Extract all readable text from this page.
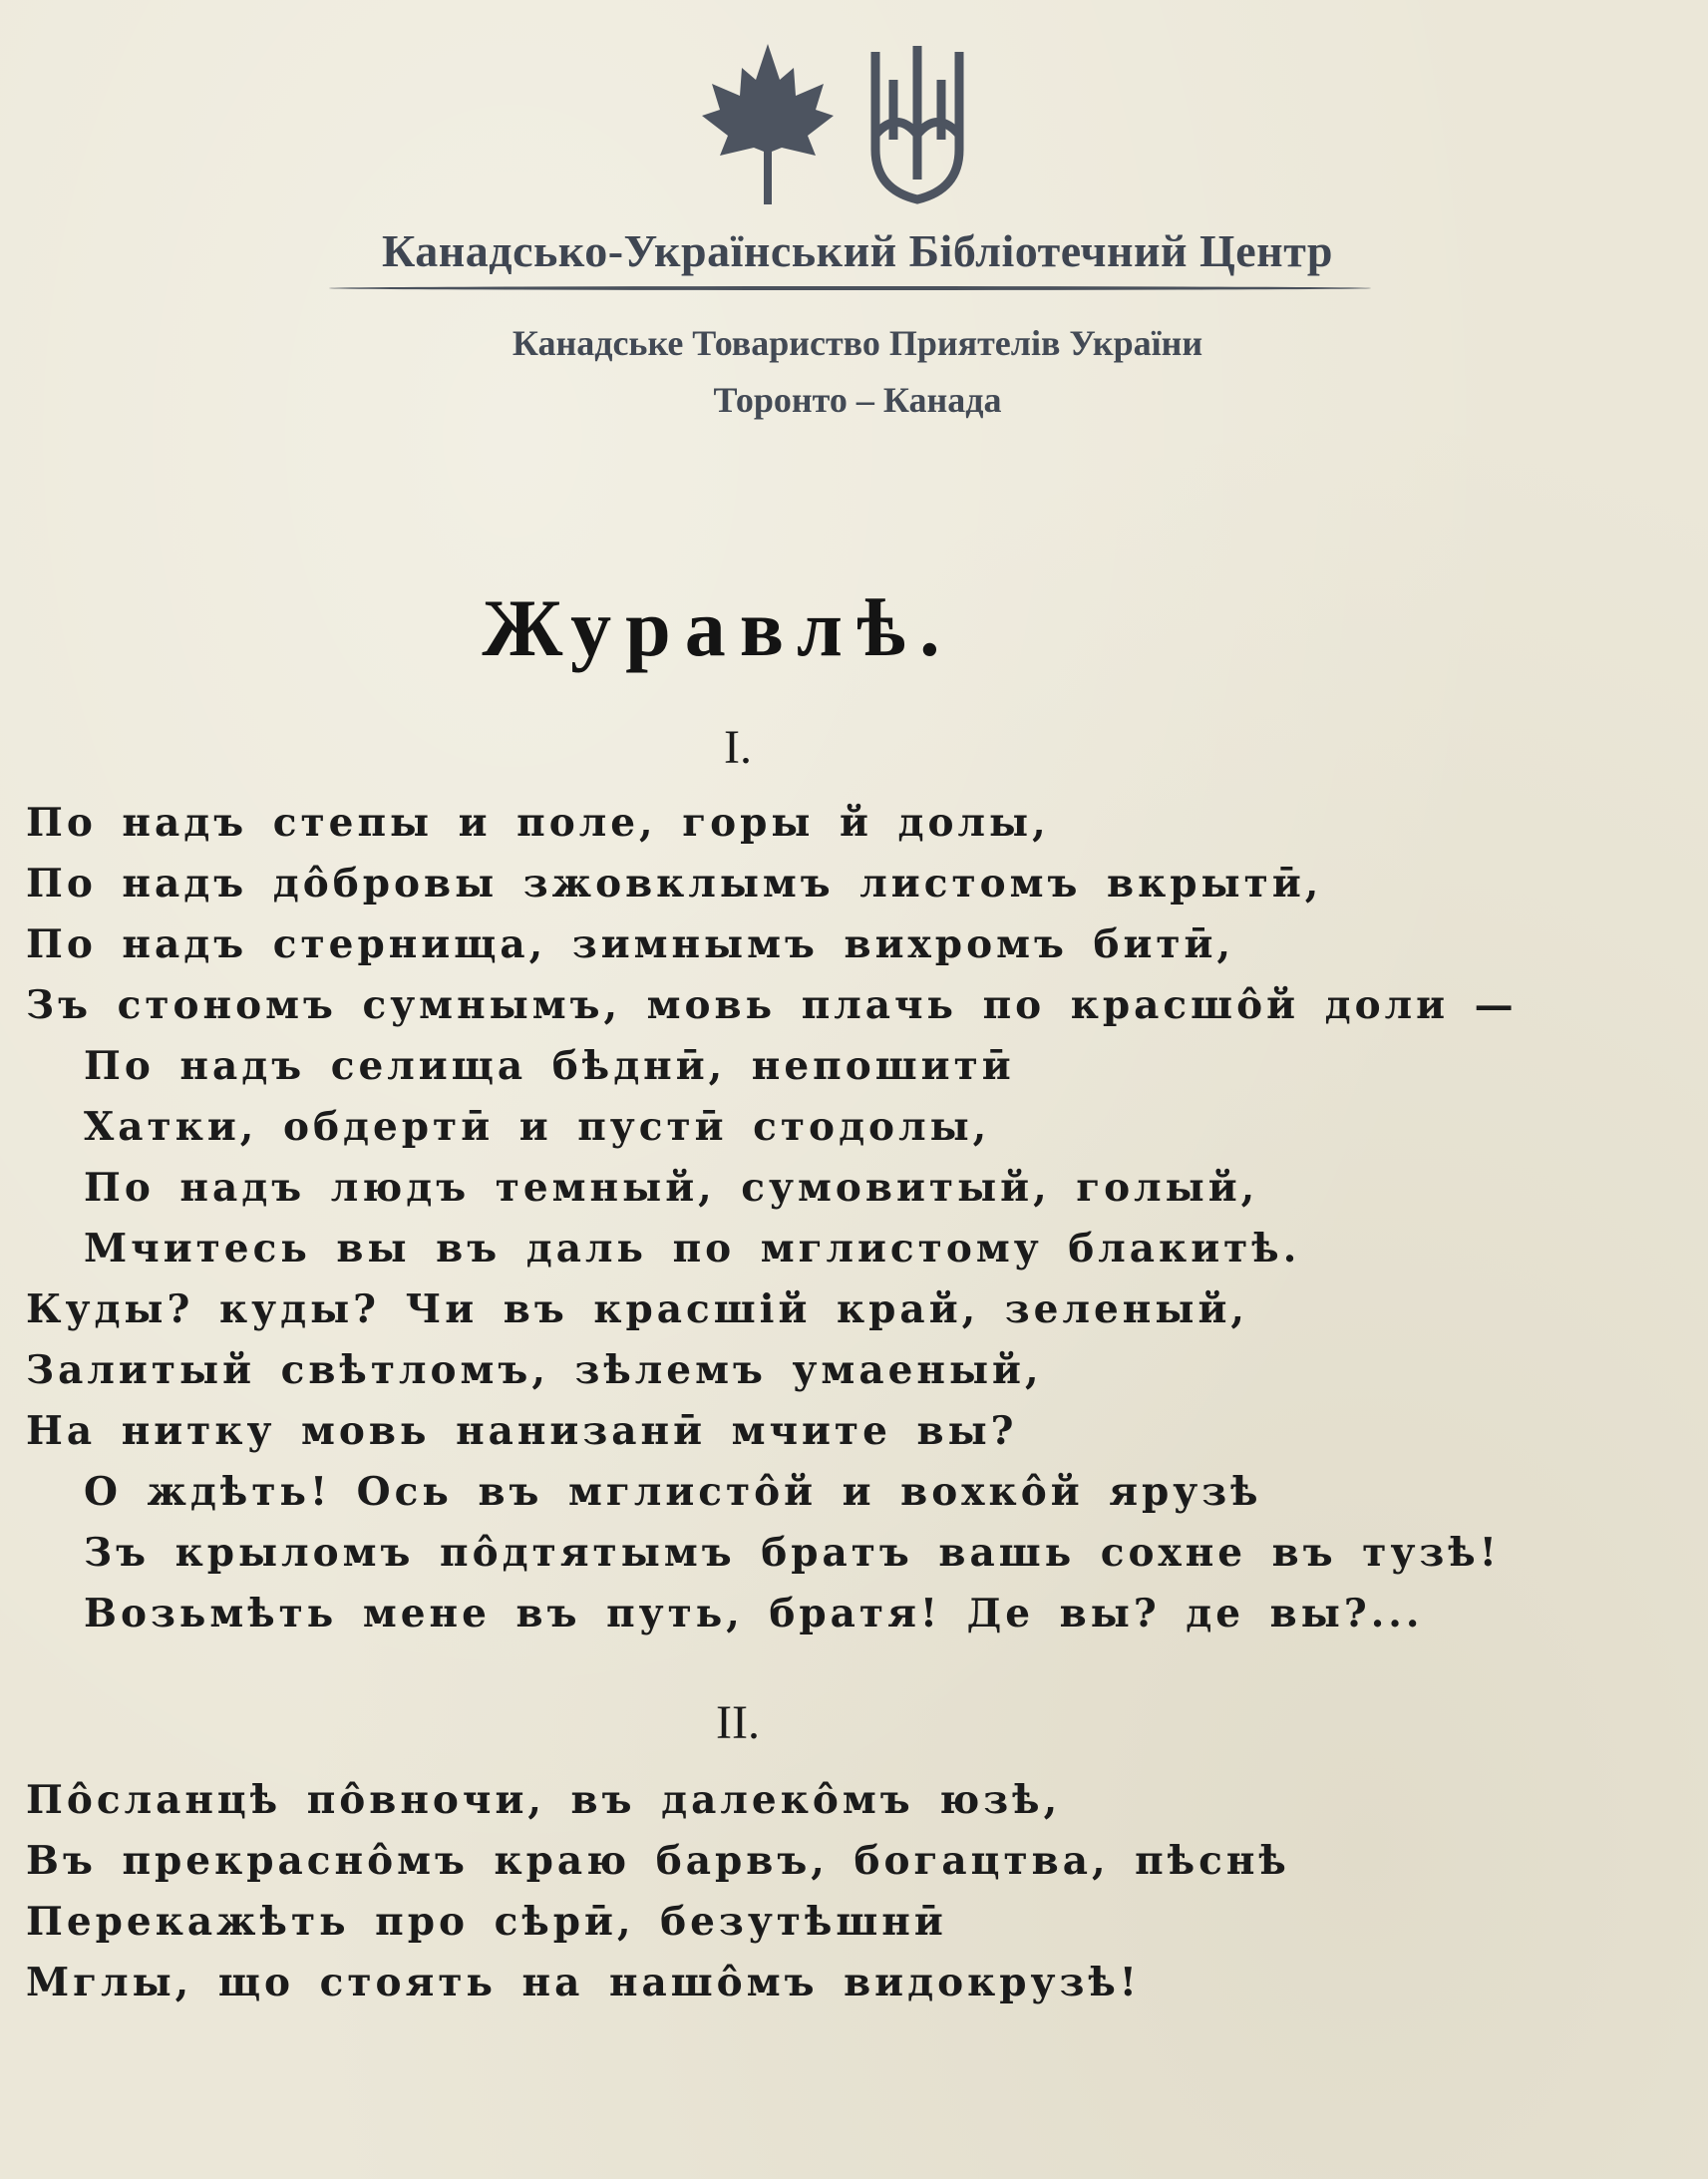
Канадсько-Український Бібліотечний Центр
Канадське Товариство Приятелів України
Торонто – Канада
Журавлѣ.
I.
По надъ степы и поле, горы й долы,
По надъ дôбровы зжовклымъ листомъ вкрытӣ,
По надъ стернища, зимнымъ вихромъ битӣ,
Зъ стономъ сумнымъ, мовь плачь по красшôй доли —
По надъ селища бѣднӣ, непошитӣ
Хатки, обдертӣ и пустӣ стодолы,
По надъ людъ темный, сумовитый, голый,
Мчитесь вы въ даль по мглистому блакитѣ.
Куды? куды? Чи въ красшій край, зеленый,
Залитый свѣтломъ, зѣлемъ умаеный,
На нитку мовь нанизанӣ мчите вы?
О ждѣть! Ось въ мглистôй и вохкôй ярузѣ
Зъ крыломъ пôдтятымъ братъ вашь сохне въ тузѣ!
Возьмѣть мене въ путь, братя! Де вы? де вы?...
II.
Пôсланцѣ пôвночи, въ далекôмъ юзѣ,
Въ прекраснôмъ краю барвъ, богацтва, пѣснѣ
Перекажѣть про сѣрӣ, безутѣшнӣ
Мглы, що стоять на нашôмъ видокрузѣ!
